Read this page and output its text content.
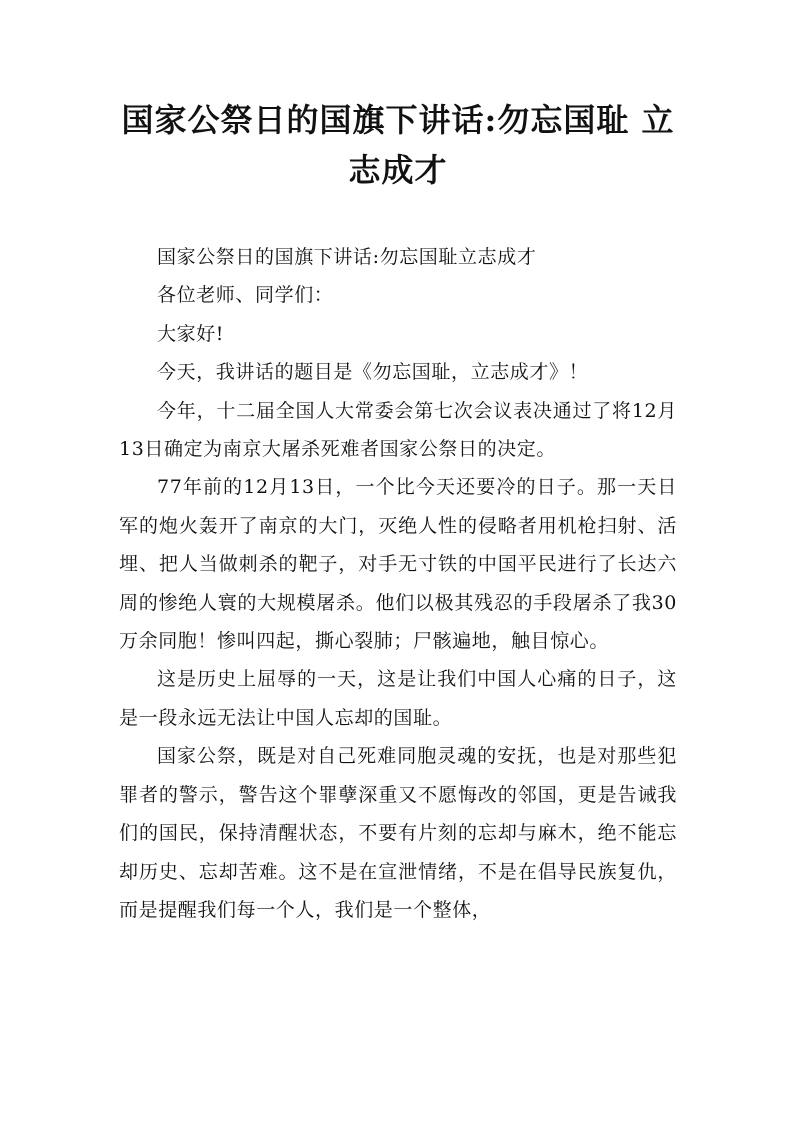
国家公祭日的国旗下讲话:勿忘国耻 立志成才

国家公祭日的国旗下讲话:勿忘国耻立志成才

各位老师、同学们：

大家好!

今天，我讲话的题目是《勿忘国耻，立志成才》！

今年，十二届全国人大常委会第七次会议表决通过了将12月13日确定为南京大屠杀死难者国家公祭日的决定。

77年前的12月13日，一个比今天还要冷的日子。那一天日军的炮火轰开了南京的大门，灭绝人性的侵略者用机枪扫射、活埋、把人当做刺杀的靶子，对手无寸铁的中国平民进行了长达六周的惨绝人寰的大规模屠杀。他们以极其残忍的手段屠杀了我30万余同胞！惨叫四起，撕心裂肺；尸骸遍地，触目惊心。

这是历史上屈辱的一天，这是让我们中国人心痛的日子，这是一段永远无法让中国人忘却的国耻。

国家公祭，既是对自己死难同胞灵魂的安抚，也是对那些犯罪者的警示，警告这个罪孽深重又不愿悔改的邻国，更是告诫我们的国民，保持清醒状态，不要有片刻的忘却与麻木，绝不能忘却历史、忘却苦难。这不是在宣泄情绪，不是在倡导民族复仇，而是提醒我们每一个人，我们是一个整体，
